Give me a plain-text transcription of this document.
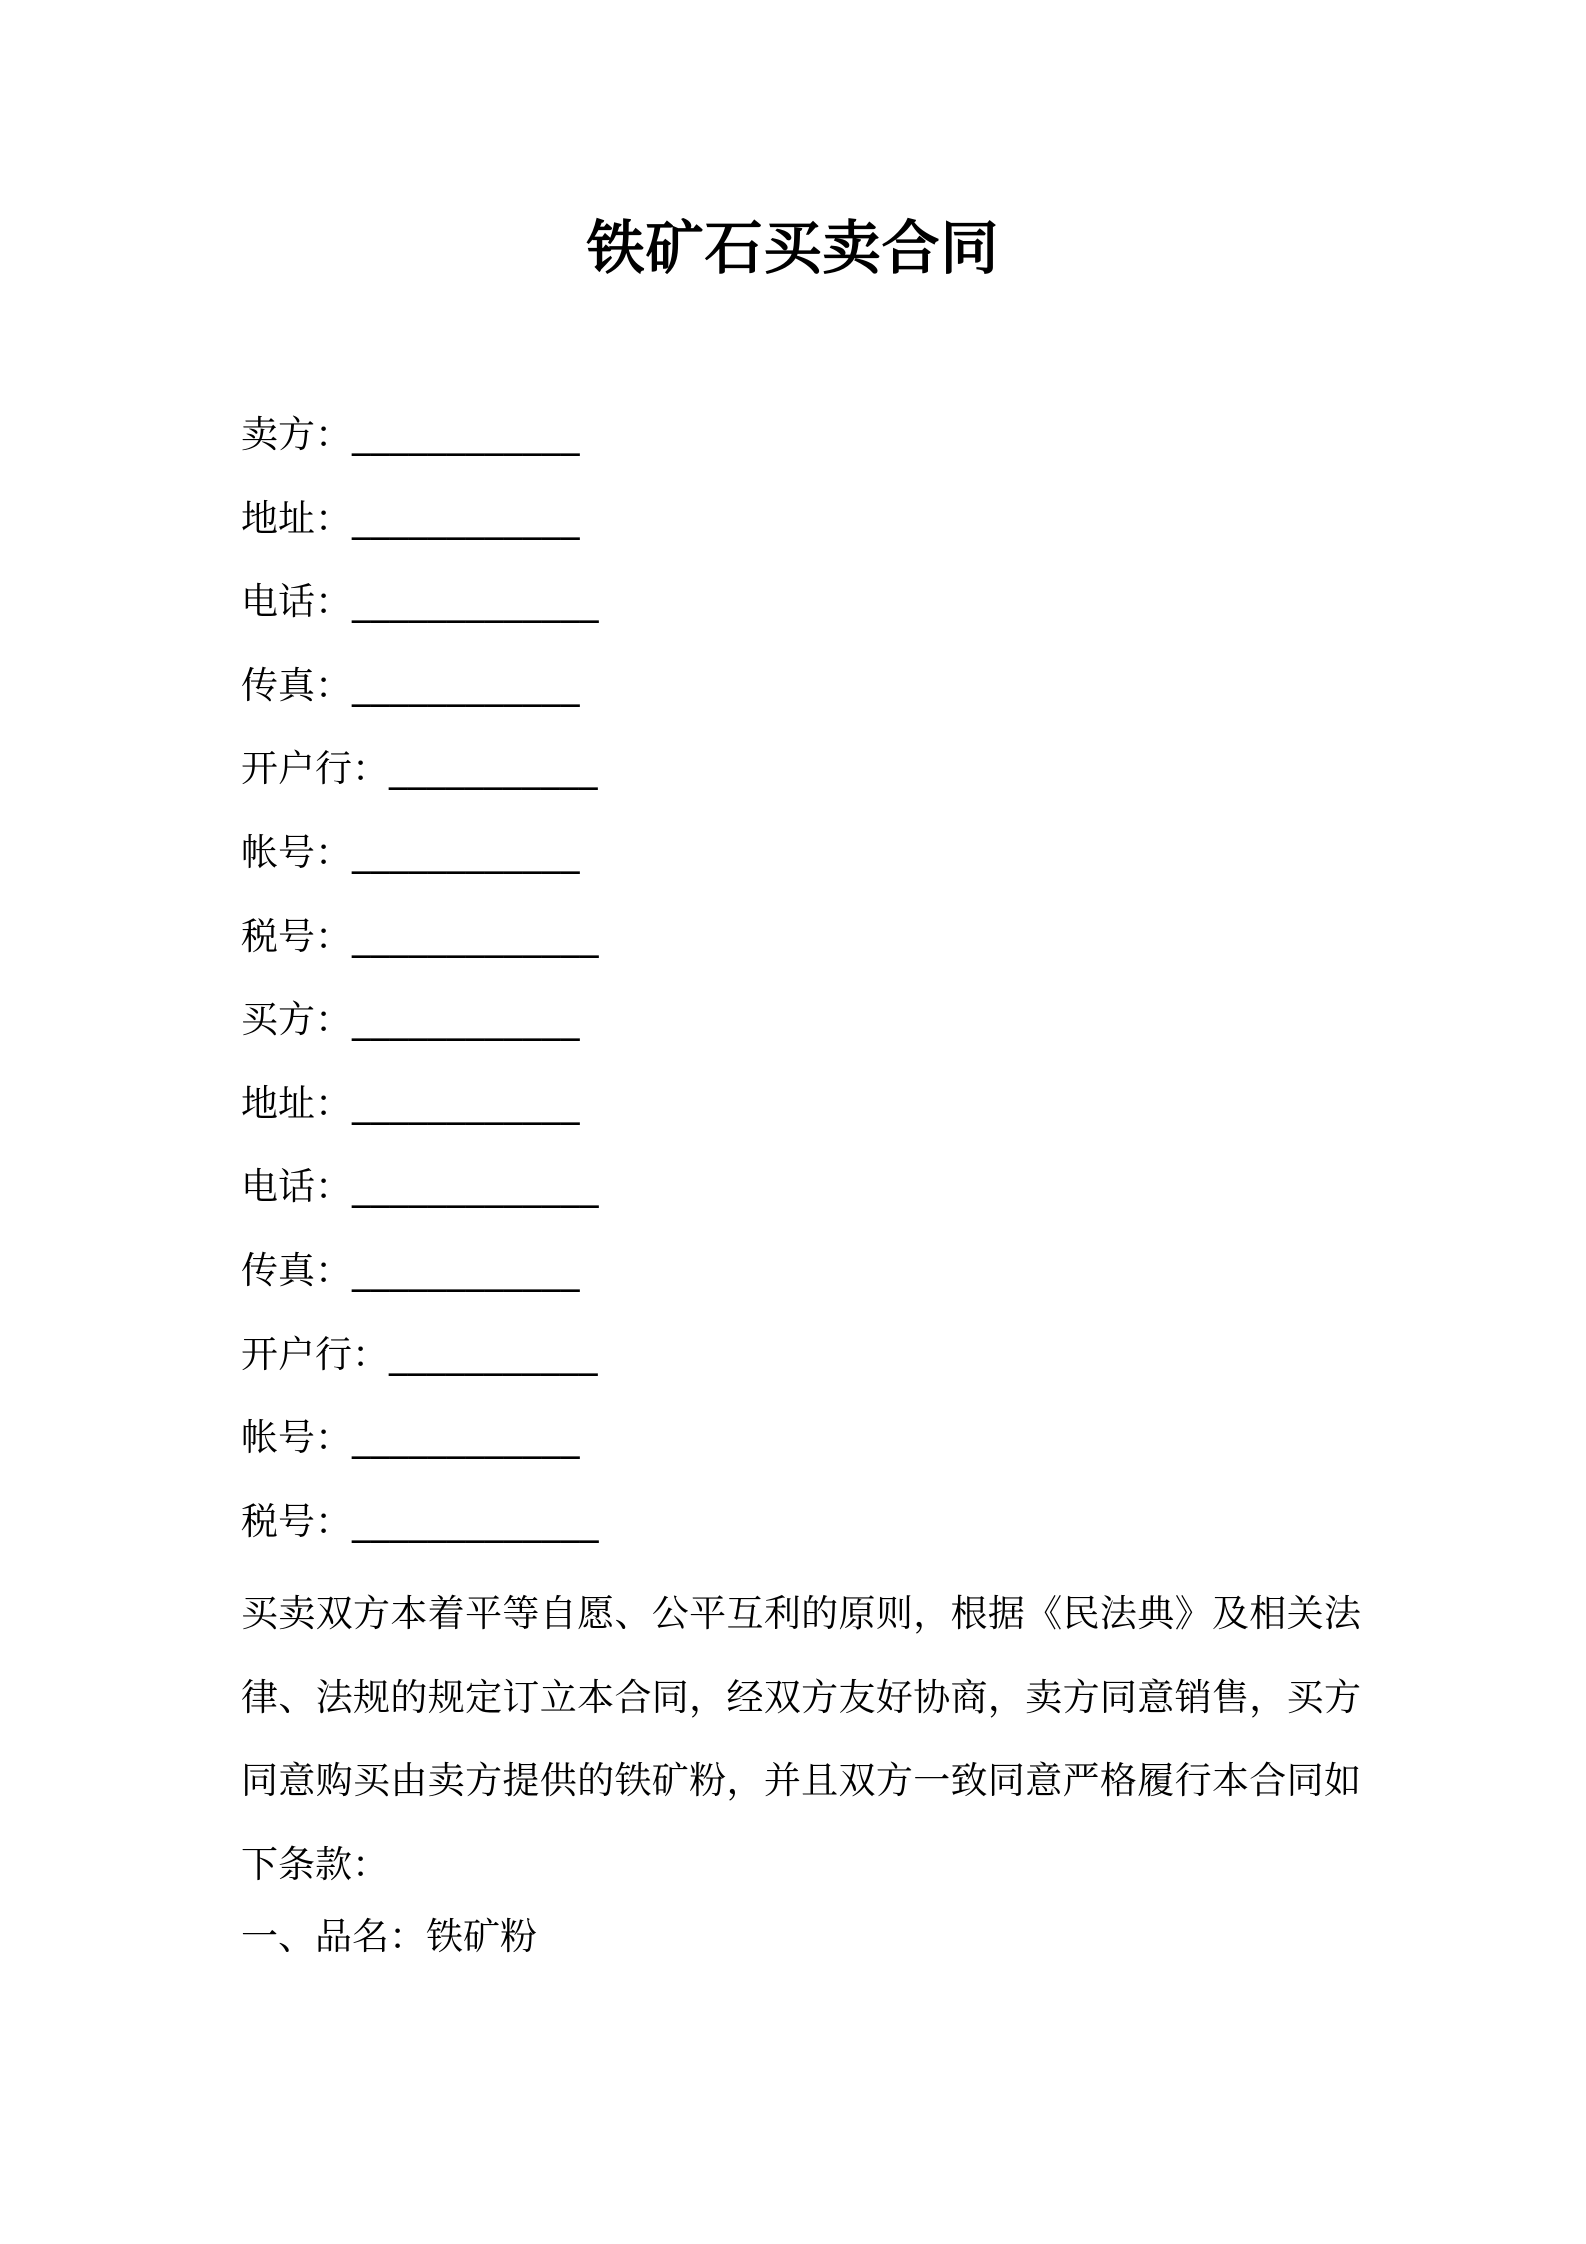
铁矿石买卖合同
卖方：____________
地址：____________
电话：_____________
传真：____________
开户行：___________
帐号：____________
税号：_____________
买方：____________
地址：____________
电话：_____________
传真：____________
开户行：___________
帐号：____________
税号：_____________
买卖双方本着平等自愿、公平互利的原则，根据《民法典》及相关法律、法规的规定订立本合同，经双方友好协商，卖方同意销售，买方同意购买由卖方提供的铁矿粉，并且双方一致同意严格履行本合同如下条款：
一、品名：铁矿粉
